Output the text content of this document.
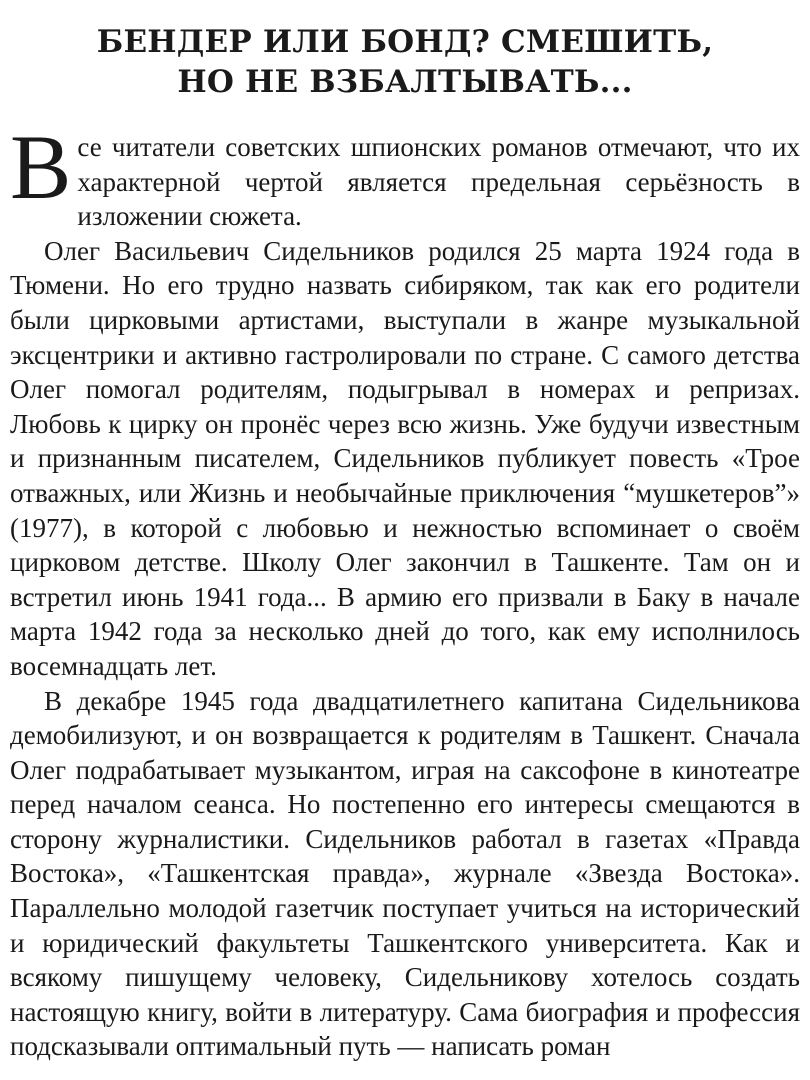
БЕНДЕР ИЛИ БОНД? СМЕШИТЬ,
НО НЕ ВЗБАЛТЫВАТЬ...

Все читатели советских шпионских романов отмечают, что их характерной чертой является предельная серьёзность в изложении сюжета.

Олег Васильевич Сидельников родился 25 марта 1924 года в Тюмени. Но его трудно назвать сибиряком, так как его родители были цирковыми артистами, выступали в жанре музыкальной эксцентрики и активно гастролировали по стране. С самого детства Олег помогал родителям, подыгрывал в номерах и репризах. Любовь к цирку он пронёс через всю жизнь. Уже будучи известным и признанным писателем, Сидельников публикует повесть «Трое отважных, или Жизнь и необычайные приключения “мушкетеров”» (1977), в которой с любовью и нежностью вспоминает о своём цирковом детстве. Школу Олег закончил в Ташкенте. Там он и встретил июнь 1941 года... В армию его призвали в Баку в начале марта 1942 года за несколько дней до того, как ему исполнилось восемнадцать лет.

В декабре 1945 года двадцатилетнего капитана Сидельникова демобилизуют, и он возвращается к родителям в Ташкент. Сначала Олег подрабатывает музыкантом, играя на саксофоне в кинотеатре перед началом сеанса. Но постепенно его интересы смещаются в сторону журналистики. Сидельников работал в газетах «Правда Востока», «Ташкентская правда», журнале «Звезда Востока». Параллельно молодой газетчик поступает учиться на исторический и юридический факультеты Ташкентского университета. Как и всякому пишущему человеку, Сидельникову хотелось создать настоящую книгу, войти в литературу. Сама биография и профессия подсказывали оптимальный путь — написать роман
